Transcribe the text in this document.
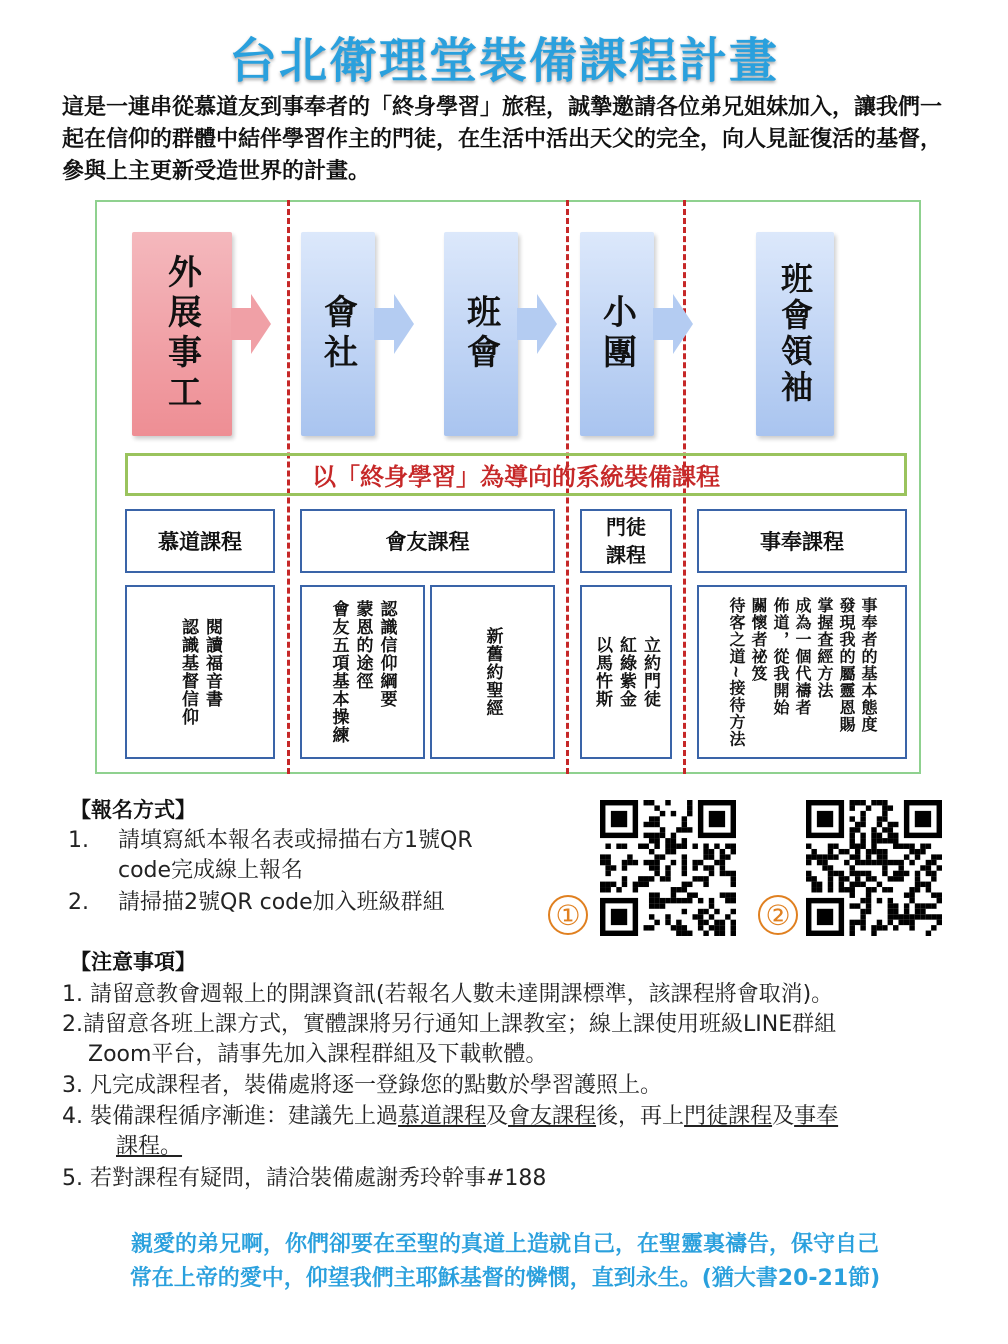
台北衛理堂裝備課程計畫
這是一連串從慕道友到事奉者的「終身學習」旅程，誠摯邀請各位弟兄姐妹加入，讓我們一起在信仰的群體中結伴學習作主的門徒，在生活中活出天父的完全，向人見証復活的基督，參與上主更新受造世界的計畫。
外展事工	會社	班會	小團	班會領袖
以「終身學習」為導向的系統裝備課程
慕道課程	會友課程
門徒
課程
事奉課程
閱讀福音書
認識基督信仰	認識信仰綱要
蒙恩的途徑
會友五項基本操練	新舊約聖經	立約門徒
紅綠紫金
以馬忤斯	事奉者的基本態度
發現我的屬靈恩賜
掌握查經方法
成為一個代禱者
佈道，從我開始
關懷者祕笈
待客之道~接待方法
【報名方式】
1. 請填寫紙本報名表或掃描右方1號QR
code完成線上報名
2. 請掃描2號QR code加入班級群組	①	②
【注意事項】
1. 請留意教會週報上的開課資訊(若報名人數未達開課標準，該課程將會取消)。
2.請留意各班上課方式，實體課將另行通知上課教室；線上課使用班級LINE群組
Zoom平台，請事先加入課程群組及下載軟體。
3. 凡完成課程者，裝備處將逐一登錄您的點數於學習護照上。
4. 裝備課程循序漸進：建議先上過慕道課程及會友課程後，再上門徒課程及事奉
課程。
5. 若對課程有疑問，請洽裝備處謝秀玲幹事#188
親愛的弟兄啊，你們卻要在至聖的真道上造就自己，在聖靈裏禱告，保守自己
常在上帝的愛中，仰望我們主耶穌基督的憐憫，直到永生。(猶大書20-21節)
